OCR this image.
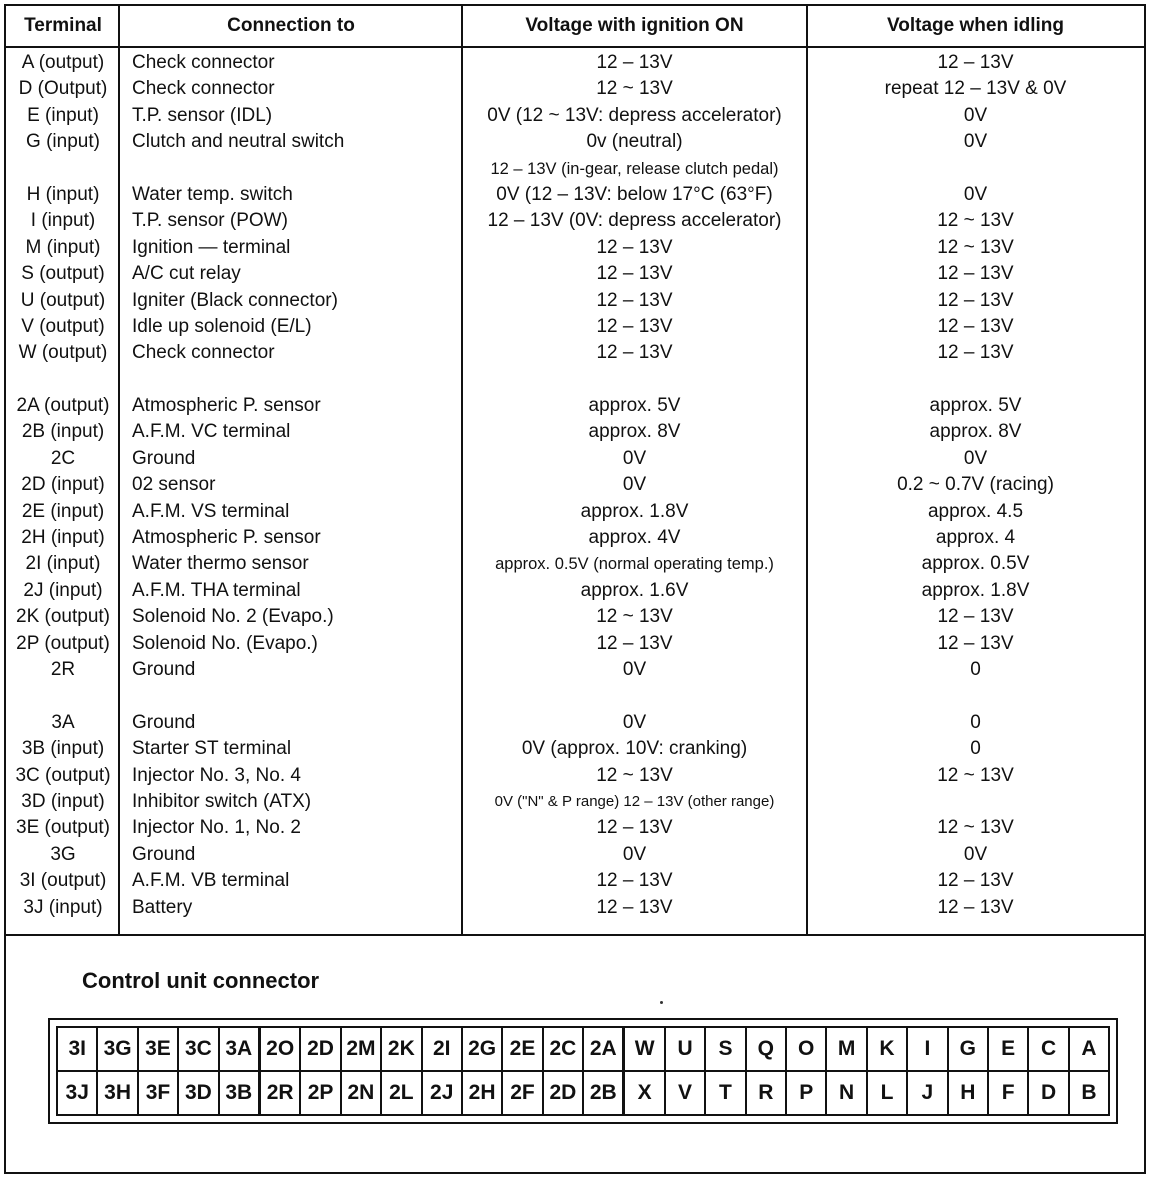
Terminal	Connection to	Voltage with ignition ON	Voltage when idling
A (output)	Check connector	12 – 13V	12 – 13V
D (Output)	Check connector	12 ~ 13V	repeat 12 – 13V & 0V
E (input)	T.P. sensor (IDL)	0V (12 ~ 13V: depress accelerator)	0V
G (input)	Clutch and neutral switch	0v (neutral)	0V
12 – 13V (in-gear, release clutch pedal)
H (input)	Water temp. switch	0V (12 – 13V: below 17°C (63°F)	0V
I (input)	T.P. sensor (POW)	12 – 13V (0V: depress accelerator)	12 ~ 13V
M (input)	Ignition — terminal	12 – 13V	12 ~ 13V
S (output)	A/C cut relay	12 – 13V	12 – 13V
U (output)	Igniter (Black connector)	12 – 13V	12 – 13V
V (output)	Idle up solenoid (E/L)	12 – 13V	12 – 13V
W (output)	Check connector	12 – 13V	12 – 13V
2A (output)	Atmospheric P. sensor	approx. 5V	approx. 5V
2B (input)	A.F.M. VC terminal	approx. 8V	approx. 8V
2C	Ground	0V	0V
2D (input)	02 sensor	0V	0.2 ~ 0.7V (racing)
2E (input)	A.F.M. VS terminal	approx. 1.8V	approx. 4.5
2H (input)	Atmospheric P. sensor	approx. 4V	approx. 4
2I (input)	Water thermo sensor	approx. 0.5V (normal operating temp.)	approx. 0.5V
2J (input)	A.F.M. THA terminal	approx. 1.6V	approx. 1.8V
2K (output)	Solenoid No. 2 (Evapo.)	12 ~ 13V	12 – 13V
2P (output)	Solenoid No. (Evapo.)	12 – 13V	12 – 13V
2R	Ground	0V	0
3A	Ground	0V	0
3B (input)	Starter ST terminal	0V (approx. 10V: cranking)	0
3C (output)	Injector No. 3, No. 4	12 ~ 13V	12 ~ 13V
3D (input)	Inhibitor switch (ATX)	0V ("N" & P range) 12 – 13V (other range)
3E (output)	Injector No. 1, No. 2	12 – 13V	12 ~ 13V
3G	Ground	0V	0V
3I (output)	A.F.M. VB terminal	12 – 13V	12 – 13V
3J (input)	Battery	12 – 13V	12 – 13V
Control unit connector
3I 3G 3E 3C 3A 2O 2D 2M 2K 2I 2G 2E 2C 2A W	U	S	Q	O	M	K	I	G	E	C	A
3J 3H 3F 3D 3B 2R 2P 2N 2L 2J 2H 2F 2D 2B X	V	T	R	P	N	L	J	H	F	D	B
